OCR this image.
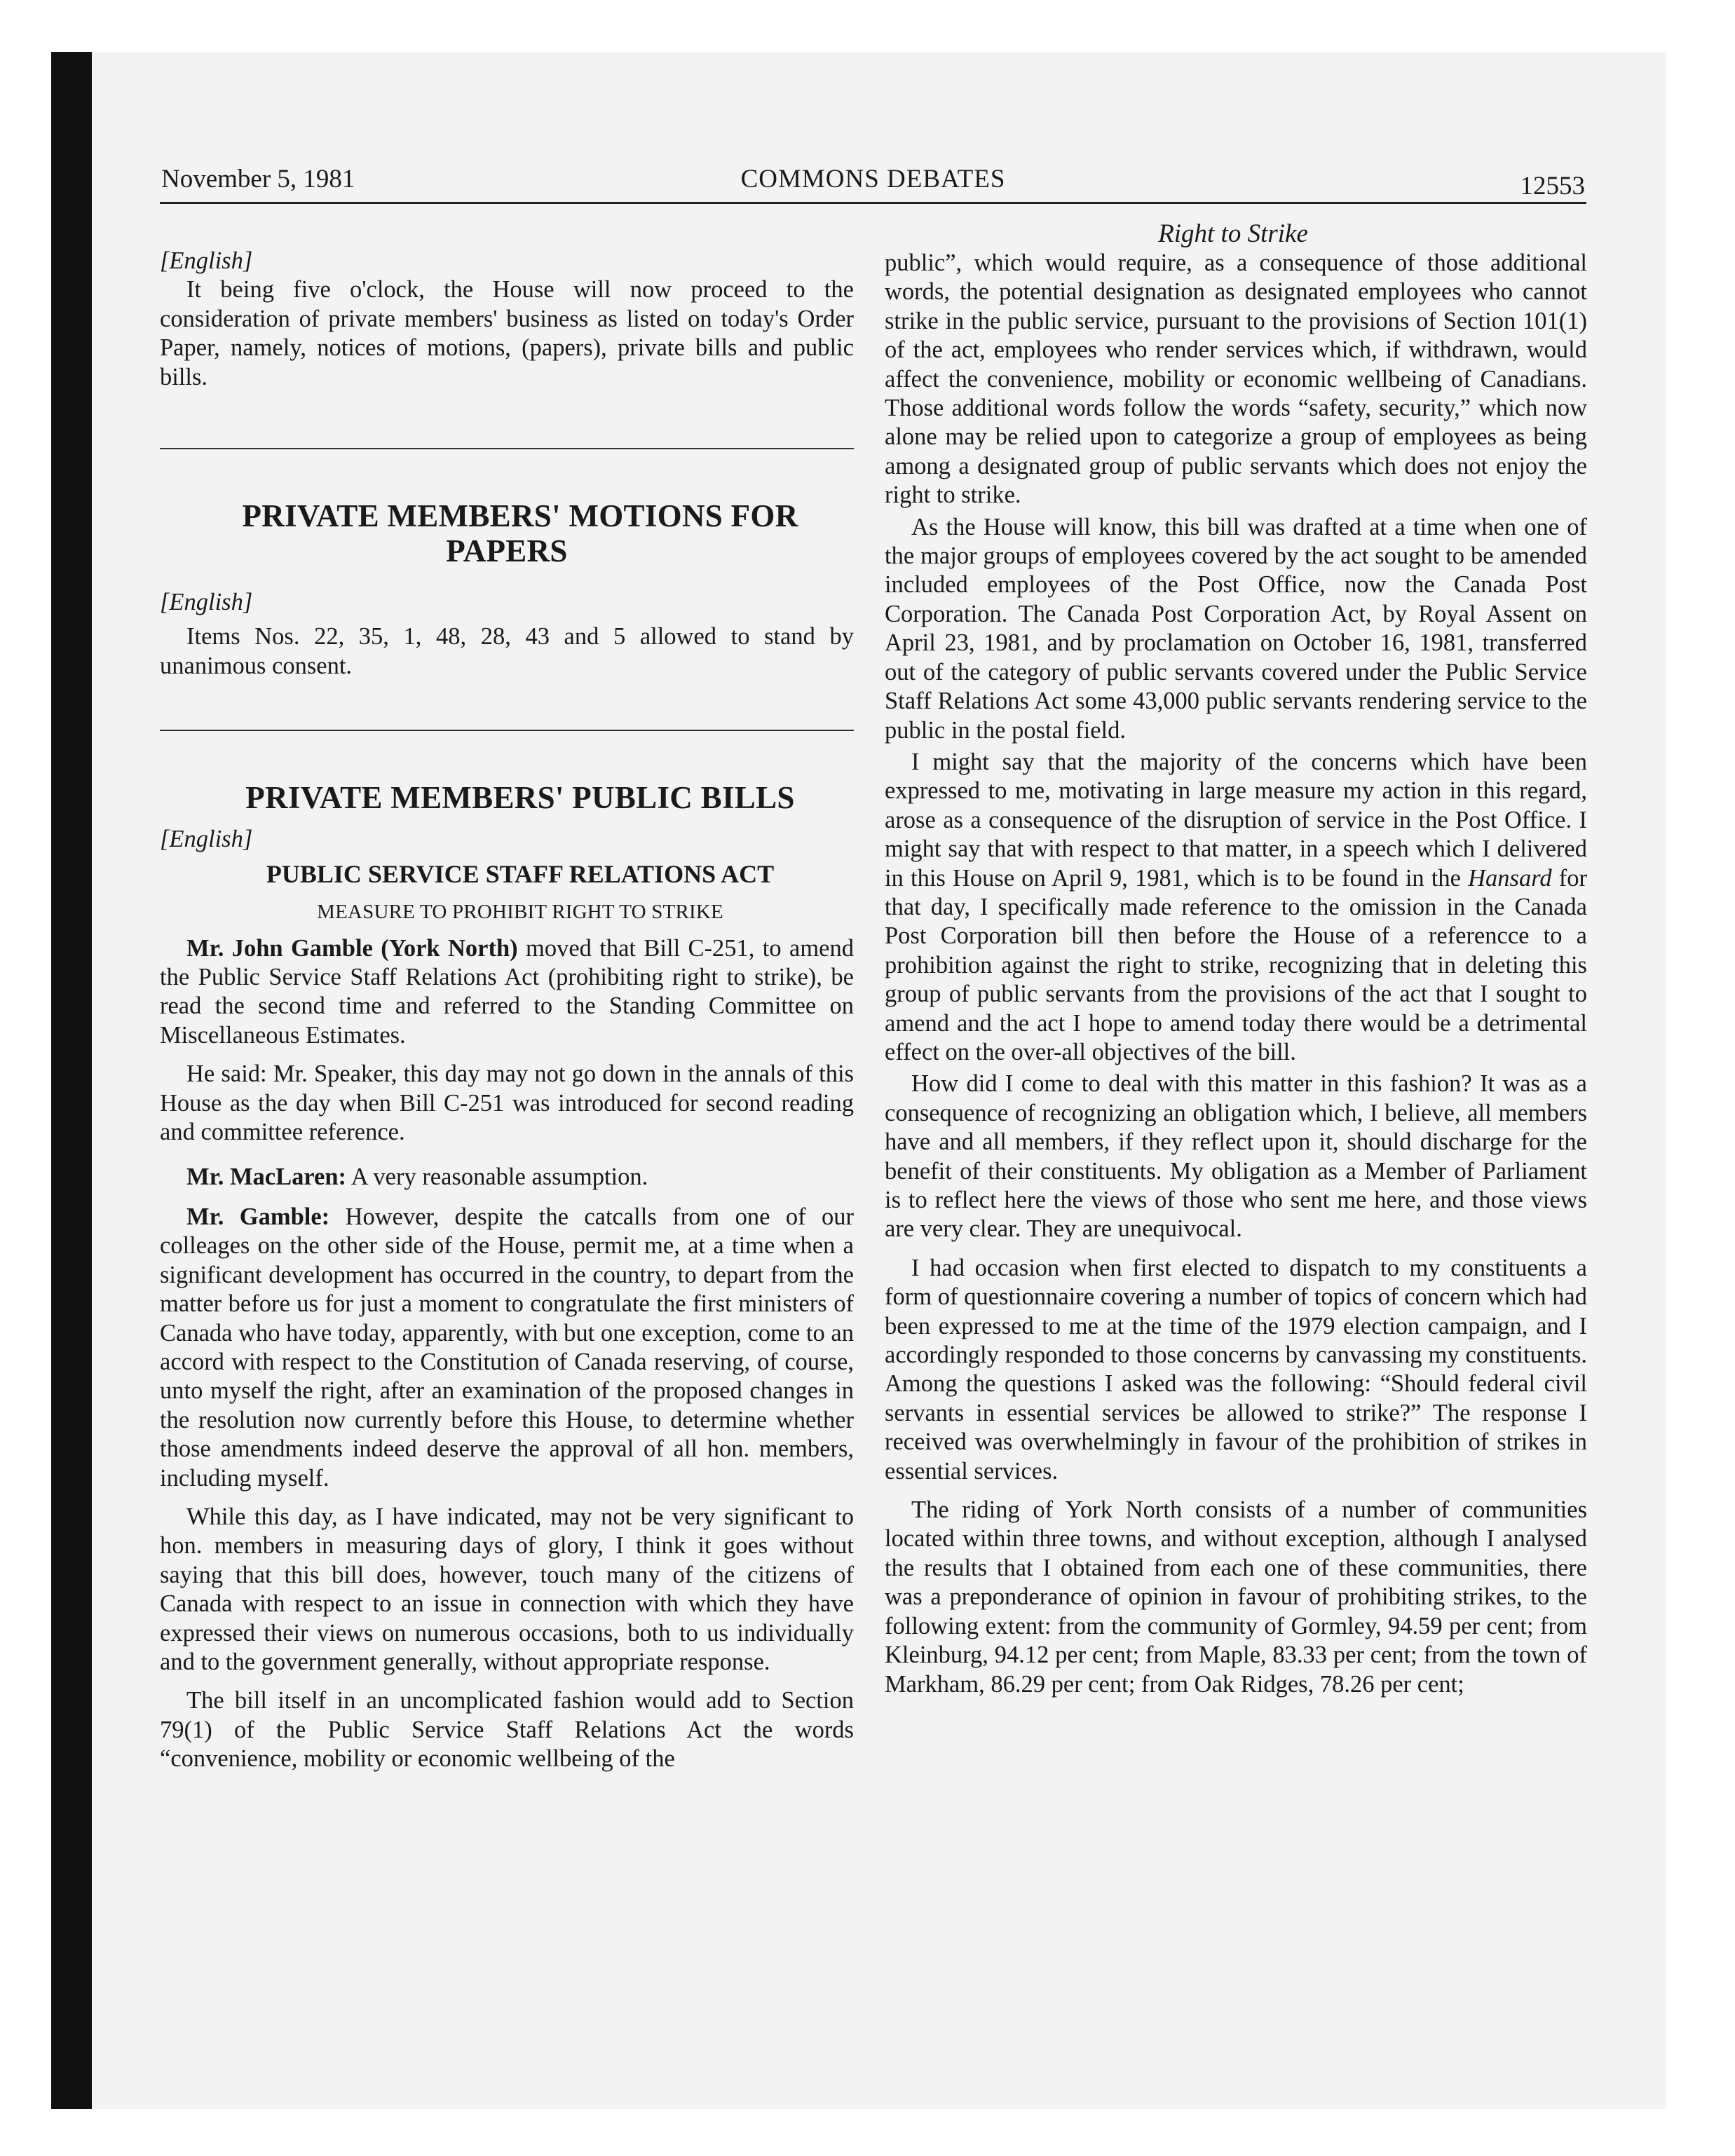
November 5, 1981	COMMONS DEBATES	12553
Right to Strike

[English]

It being five o'clock, the House will now proceed to the consideration of private members' business as listed on today's Order Paper, namely, notices of motions, (papers), private bills and public bills.

PRIVATE MEMBERS' MOTIONS FOR PAPERS

[English]

Items Nos. 22, 35, 1, 48, 28, 43 and 5 allowed to stand by unanimous consent.

PRIVATE MEMBERS' PUBLIC BILLS

[English]

PUBLIC SERVICE STAFF RELATIONS ACT

MEASURE TO PROHIBIT RIGHT TO STRIKE

Mr. John Gamble (York North) moved that Bill C-251, to amend the Public Service Staff Relations Act (prohibiting right to strike), be read the second time and referred to the Standing Committee on Miscellaneous Estimates.

He said: Mr. Speaker, this day may not go down in the annals of this House as the day when Bill C-251 was introduced for second reading and committee reference.

Mr. MacLaren: A very reasonable assumption.

Mr. Gamble: However, despite the catcalls from one of our colleages on the other side of the House, permit me, at a time when a significant development has occurred in the country, to depart from the matter before us for just a moment to congratulate the first ministers of Canada who have today, apparently, with but one exception, come to an accord with respect to the Constitution of Canada reserving, of course, unto myself the right, after an examination of the proposed changes in the resolution now currently before this House, to determine whether those amendments indeed deserve the approval of all hon. members, including myself.

While this day, as I have indicated, may not be very significant to hon. members in measuring days of glory, I think it goes without saying that this bill does, however, touch many of the citizens of Canada with respect to an issue in connection with which they have expressed their views on numerous occasions, both to us individually and to the government generally, without appropriate response.

The bill itself in an uncomplicated fashion would add to Section 79(1) of the Public Service Staff Relations Act the words “convenience, mobility or economic wellbeing of the

public”, which would require, as a consequence of those additional words, the potential designation as designated employees who cannot strike in the public service, pursuant to the provisions of Section 101(1) of the act, employees who render services which, if withdrawn, would affect the convenience, mobility or economic wellbeing of Canadians. Those additional words follow the words “safety, security,” which now alone may be relied upon to categorize a group of employees as being among a designated group of public servants which does not enjoy the right to strike.

As the House will know, this bill was drafted at a time when one of the major groups of employees covered by the act sought to be amended included employees of the Post Office, now the Canada Post Corporation. The Canada Post Corporation Act, by Royal Assent on April 23, 1981, and by proclamation on October 16, 1981, transferred out of the category of public servants covered under the Public Service Staff Relations Act some 43,000 public servants rendering service to the public in the postal field.

I might say that the majority of the concerns which have been expressed to me, motivating in large measure my action in this regard, arose as a consequence of the disruption of service in the Post Office. I might say that with respect to that matter, in a speech which I delivered in this House on April 9, 1981, which is to be found in the Hansard for that day, I specifically made reference to the omission in the Canada Post Corporation bill then before the House of a referencce to a prohibition against the right to strike, recognizing that in deleting this group of public servants from the provisions of the act that I sought to amend and the act I hope to amend today there would be a detrimental effect on the over-all objectives of the bill.

How did I come to deal with this matter in this fashion? It was as a consequence of recognizing an obligation which, I believe, all members have and all members, if they reflect upon it, should discharge for the benefit of their constituents. My obligation as a Member of Parliament is to reflect here the views of those who sent me here, and those views are very clear. They are unequivocal.

I had occasion when first elected to dispatch to my constituents a form of questionnaire covering a number of topics of concern which had been expressed to me at the time of the 1979 election campaign, and I accordingly responded to those concerns by canvassing my constituents. Among the questions I asked was the following: “Should federal civil servants in essential services be allowed to strike?” The response I received was overwhelmingly in favour of the prohibition of strikes in essential services.

The riding of York North consists of a number of communities located within three towns, and without exception, although I analysed the results that I obtained from each one of these communities, there was a preponderance of opinion in favour of prohibiting strikes, to the following extent: from the community of Gormley, 94.59 per cent; from Kleinburg, 94.12 per cent; from Maple, 83.33 per cent; from the town of Markham, 86.29 per cent; from Oak Ridges, 78.26 per cent;
